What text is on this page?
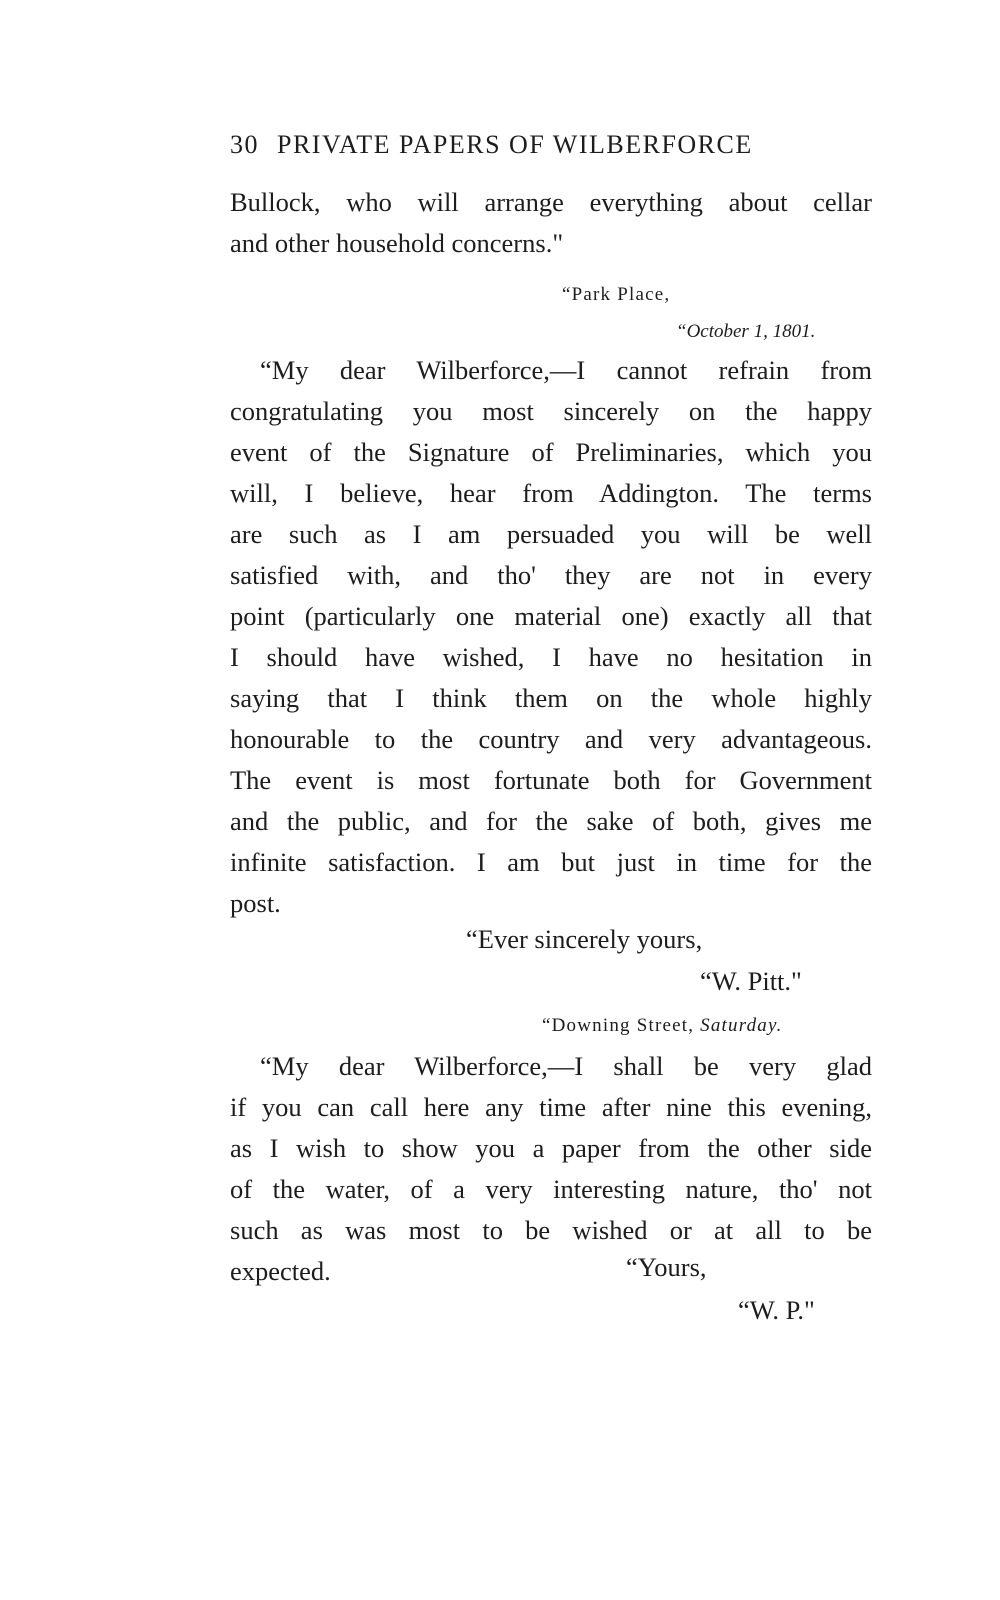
30 PRIVATE PAPERS OF WILBERFORCE
Bullock, who will arrange everything about cellar
and other household concerns."
“Park Place,
“October 1, 1801.
“My dear Wilberforce,—I cannot refrain from
congratulating you most sincerely on the happy
event of the Signature of Preliminaries, which you
will, I believe, hear from Addington. The terms
are such as I am persuaded you will be well
satisfied with, and tho' they are not in every
point (particularly one material one) exactly all that
I should have wished, I have no hesitation in
saying that I think them on the whole highly
honourable to the country and very advantageous.
The event is most fortunate both for Government
and the public, and for the sake of both, gives me
infinite satisfaction. I am but just in time for the
post.
“Ever sincerely yours,
“W. Pitt."
“Downing Street, Saturday.
“My dear Wilberforce,—I shall be very glad
if you can call here any time after nine this evening,
as I wish to show you a paper from the other side
of the water, of a very interesting nature, tho' not
such as was most to be wished or at all to be
expected.	“Yours,
“W. P."
